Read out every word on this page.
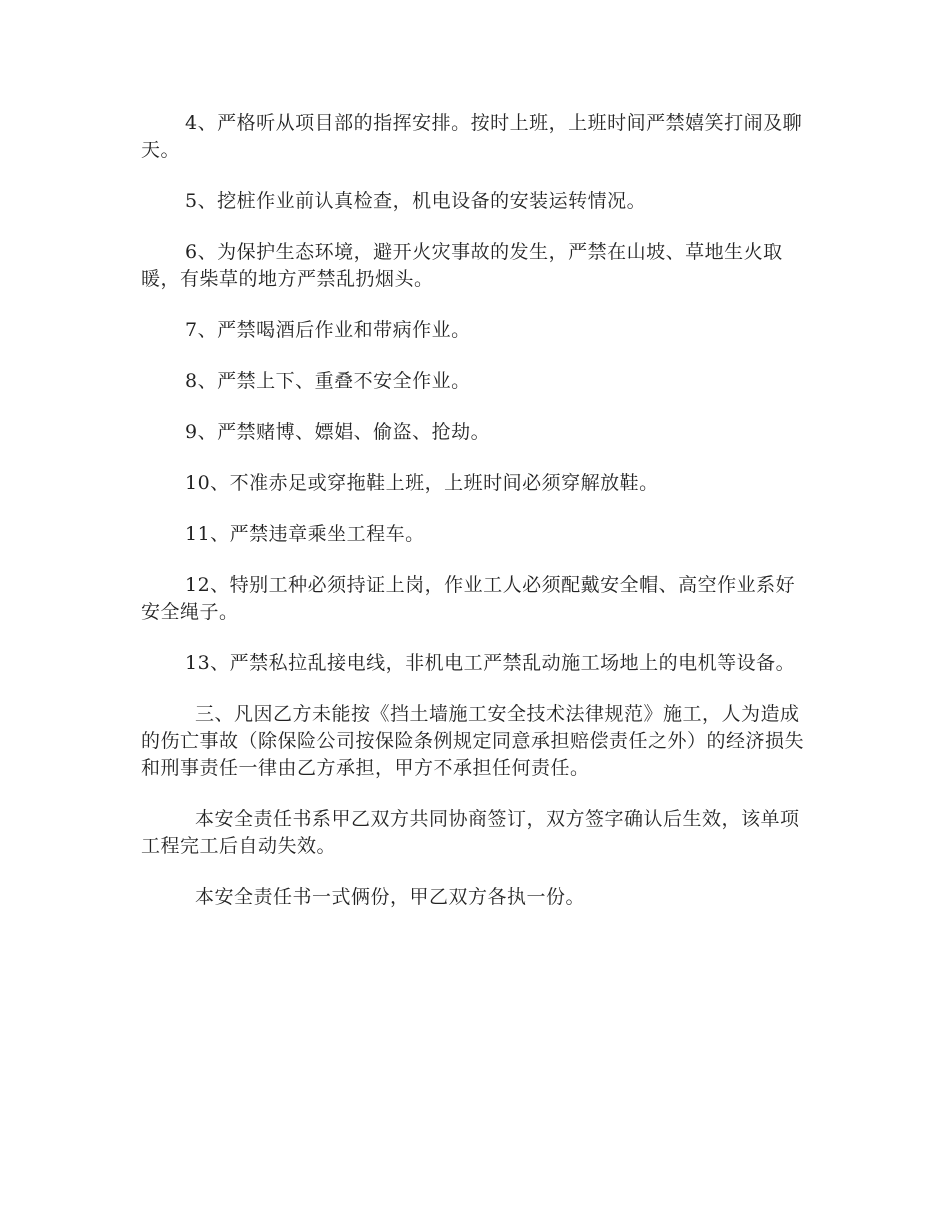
4、严格听从项目部的指挥安排。按时上班，上班时间严禁嬉笑打闹及聊天。

5、挖桩作业前认真检查，机电设备的安装运转情况。

6、为保护生态环境，避开火灾事故的发生，严禁在山坡、草地生火取暖，有柴草的地方严禁乱扔烟头。

7、严禁喝酒后作业和带病作业。

8、严禁上下、重叠不安全作业。

9、严禁赌博、嫖娼、偷盗、抢劫。

10、不准赤足或穿拖鞋上班，上班时间必须穿解放鞋。

11、严禁违章乘坐工程车。

12、特别工种必须持证上岗，作业工人必须配戴安全帽、高空作业系好安全绳子。

13、严禁私拉乱接电线，非机电工严禁乱动施工场地上的电机等设备。

三、凡因乙方未能按《挡土墙施工安全技术法律规范》施工，人为造成的伤亡事故（除保险公司按保险条例规定同意承担赔偿责任之外）的经济损失和刑事责任一律由乙方承担，甲方不承担任何责任。

本安全责任书系甲乙双方共同协商签订，双方签字确认后生效，该单项工程完工后自动失效。

本安全责任书一式俩份，甲乙双方各执一份。
